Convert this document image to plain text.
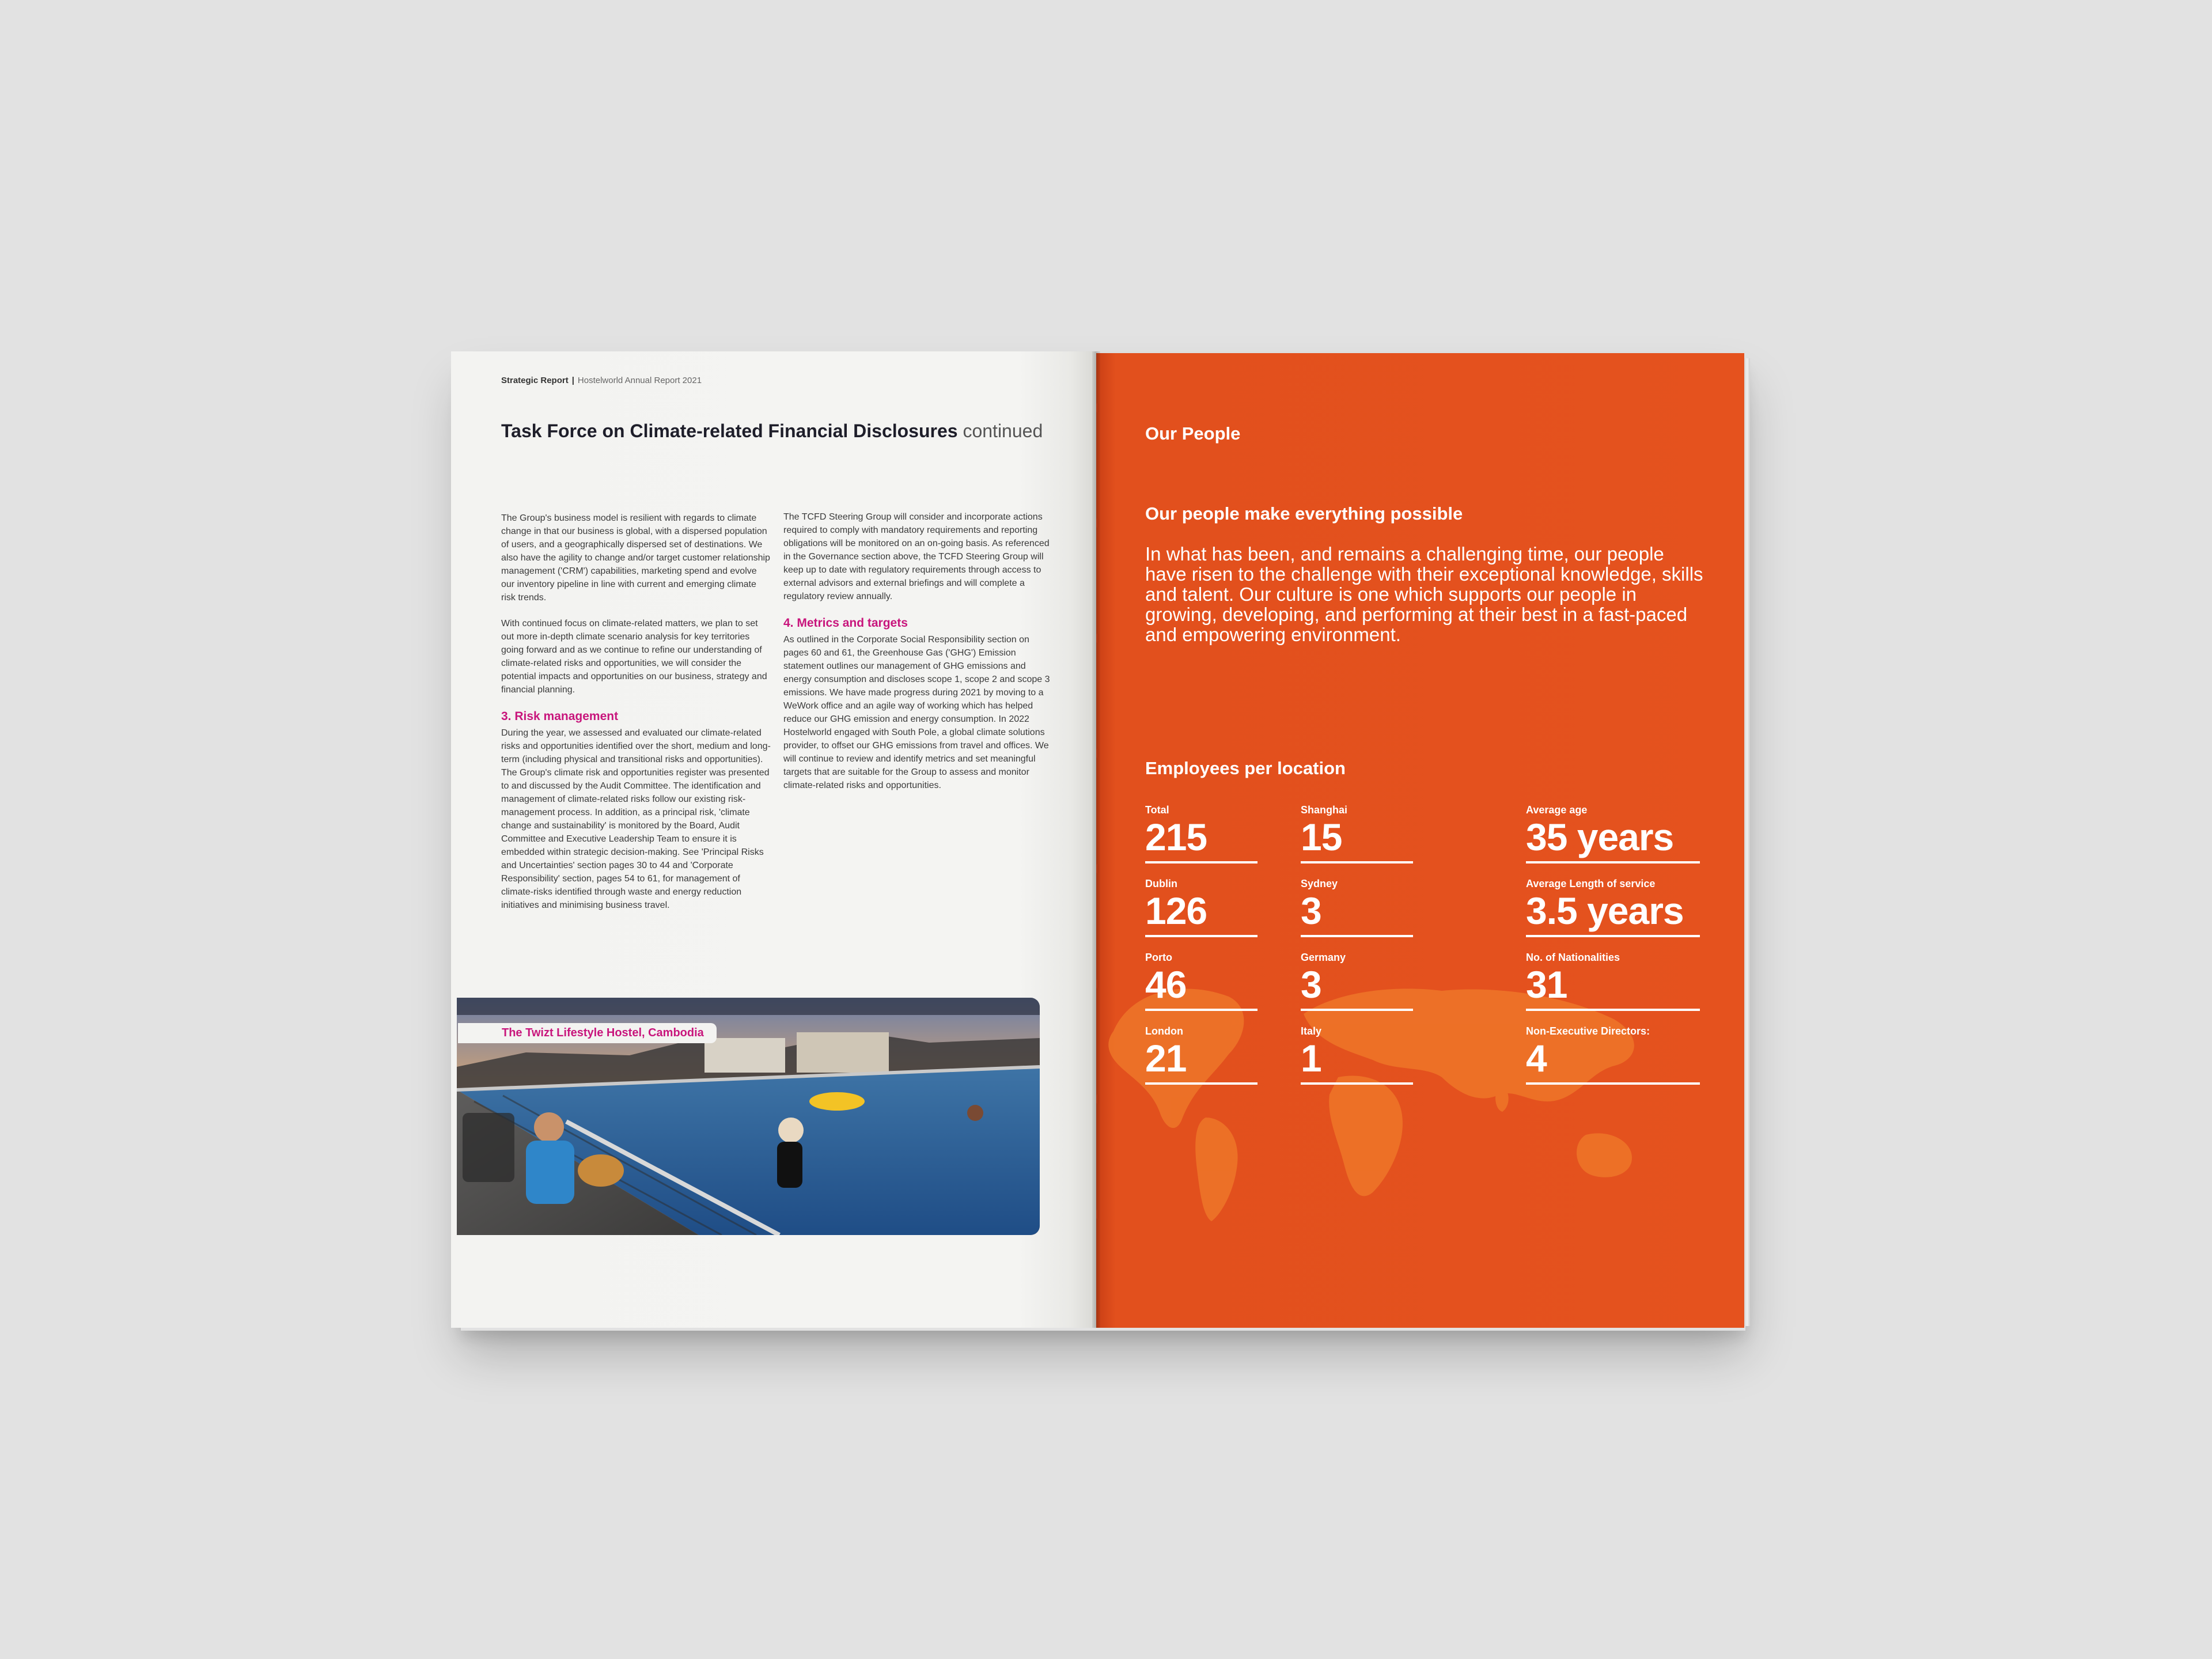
Strategic Report | Hostelworld Annual Report 2021
Task Force on Climate-related Financial Disclosures continued

The Group's business model is resilient with regards to climate change in that our business is global, with a dispersed population of users, and a geographically dispersed set of destinations. We also have the agility to change and/or target customer relationship management ('CRM') capabilities, marketing spend and evolve our inventory pipeline in line with current and emerging climate risk trends.

With continued focus on climate-related matters, we plan to set out more in-depth climate scenario analysis for key territories going forward and as we continue to refine our understanding of climate-related risks and opportunities, we will consider the potential impacts and opportunities on our business, strategy and financial planning.

3. Risk management

During the year, we assessed and evaluated our climate-related risks and opportunities identified over the short, medium and long-term (including physical and transitional risks and opportunities). The Group's climate risk and opportunities register was presented to and discussed by the Audit Committee. The identification and management of climate-related risks follow our existing risk-management process. In addition, as a principal risk, 'climate change and sustainability' is monitored by the Board, Audit Committee and Executive Leadership Team to ensure it is embedded within strategic decision-making. See 'Principal Risks and Uncertainties' section pages 30 to 44 and 'Corporate Responsibility' section, pages 54 to 61, for management of climate-risks identified through waste and energy reduction initiatives and minimising business travel.

The TCFD Steering Group will consider and incorporate actions required to comply with mandatory requirements and reporting obligations will be monitored on an on-going basis. As referenced in the Governance section above, the TCFD Steering Group will keep up to date with regulatory requirements through access to external advisors and external briefings and will complete a regulatory review annually.

4. Metrics and targets

As outlined in the Corporate Social Responsibility section on pages 60 and 61, the Greenhouse Gas ('GHG') Emission statement outlines our management of GHG emissions and energy consumption and discloses scope 1, scope 2 and scope 3 emissions. We have made progress during 2021 by moving to a WeWork office and an agile way of working which has helped reduce our GHG emission and energy consumption. In 2022 Hostelworld engaged with South Pole, a global climate solutions provider, to offset our GHG emissions from travel and offices. We will continue to review and identify metrics and set meaningful targets that are suitable for the Group to assess and monitor climate-related risks and opportunities.

The Twizt Lifestyle Hostel, Cambodia
Our People
Our people make everything possible
In what has been, and remains a challenging time, our people have risen to the challenge with their exceptional knowledge, skills and talent. Our culture is one which supports our people in growing, developing, and performing at their best in a fast-paced and empowering environment.
Employees per location
Total
215
Dublin
126
Porto
46
London
21
Shanghai
15
Sydney
3
Germany
3
Italy
1
Average age
35 years
Average Length of service
3.5 years
No. of Nationalities
31
Non-Executive Directors:
4
